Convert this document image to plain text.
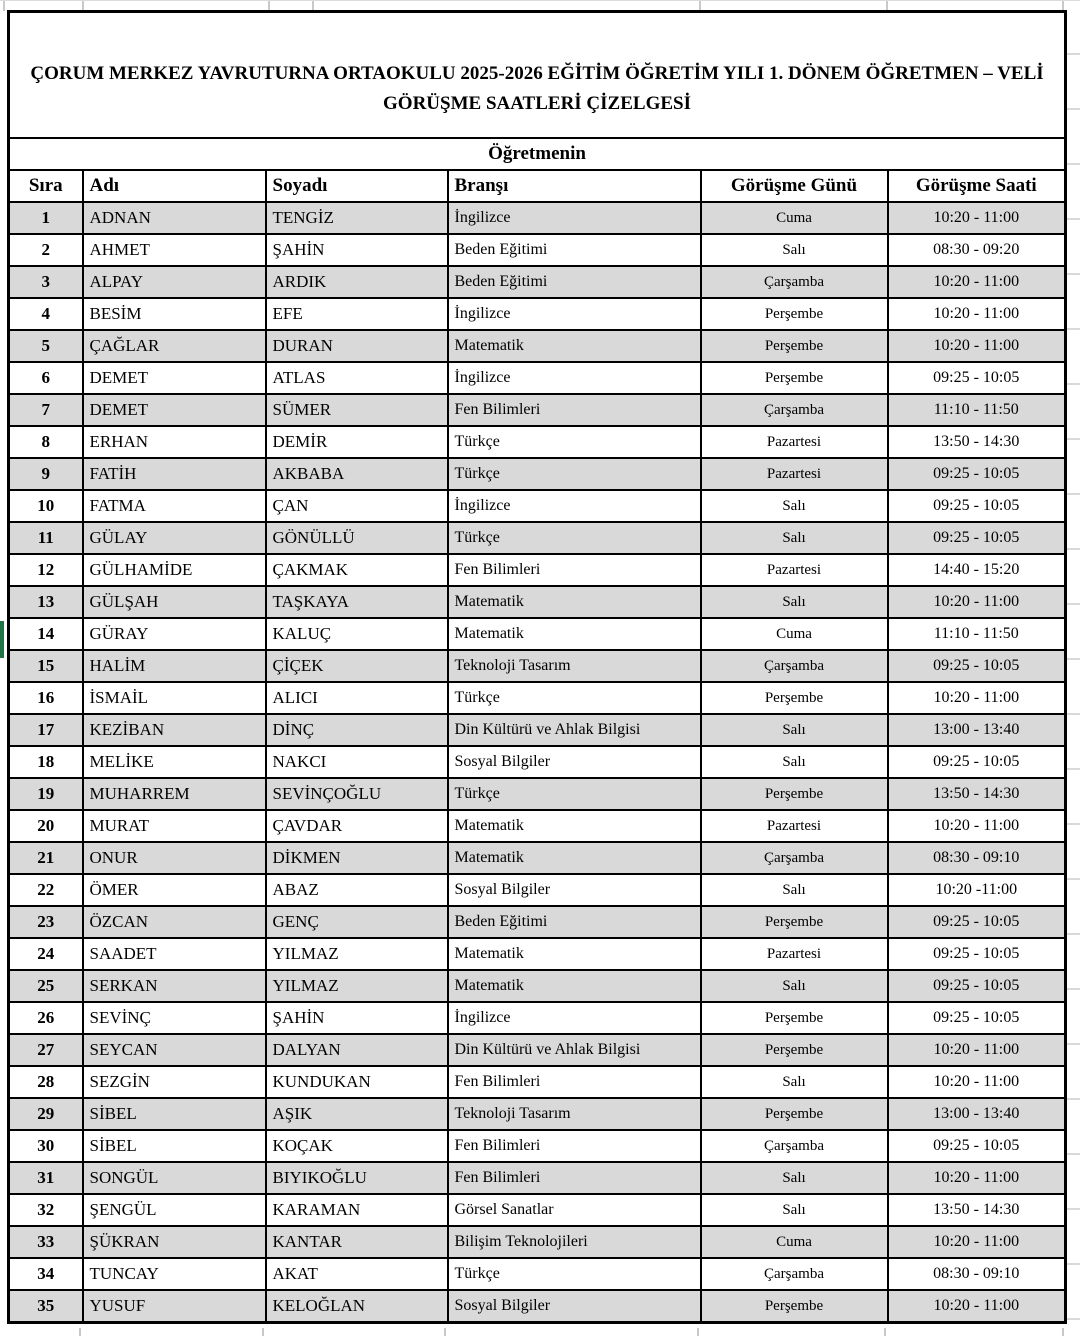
ÇORUM MERKEZ YAVRUTURNA ORTAOKULU 2025-2026 EĞİTİM ÖĞRETİM YILI 1. DÖNEM ÖĞRETMEN – VELİ
GÖRÜŞME SAATLERİ ÇİZELGESİ					

Öğretmenin					
Sıra	Adı	Soyadı	Branşı	Görüşme Günü	Görüşme Saati
1	ADNAN	TENGİZ	İngilizce	Cuma	10:20 - 11:00
2	AHMET	ŞAHİN	Beden Eğitimi	Salı	08:30 - 09:20
3	ALPAY	ARDIK	Beden Eğitimi	Çarşamba	10:20 - 11:00
4	BESİM	EFE	İngilizce	Perşembe	10:20 - 11:00
5	ÇAĞLAR	DURAN	Matematik	Perşembe	10:20 - 11:00
6	DEMET	ATLAS	İngilizce	Perşembe	09:25 - 10:05
7	DEMET	SÜMER	Fen Bilimleri	Çarşamba	11:10 - 11:50
8	ERHAN	DEMİR	Türkçe	Pazartesi	13:50 - 14:30
9	FATİH	AKBABA	Türkçe	Pazartesi	09:25 - 10:05
10	FATMA	ÇAN	İngilizce	Salı	09:25 - 10:05
11	GÜLAY	GÖNÜLLÜ	Türkçe	Salı	09:25 - 10:05
12	GÜLHAMİDE	ÇAKMAK	Fen Bilimleri	Pazartesi	14:40 - 15:20
13	GÜLŞAH	TAŞKAYA	Matematik	Salı	10:20 - 11:00
14	GÜRAY	KALUÇ	Matematik	Cuma	11:10 - 11:50
15	HALİM	ÇİÇEK	Teknoloji Tasarım	Çarşamba	09:25 - 10:05
16	İSMAİL	ALICI	Türkçe	Perşembe	10:20 - 11:00
17	KEZİBAN	DİNÇ	Din Kültürü ve Ahlak Bilgisi	Salı	13:00 - 13:40
18	MELİKE	NAKCI	Sosyal Bilgiler	Salı	09:25 - 10:05
19	MUHARREM	SEVİNÇOĞLU	Türkçe	Perşembe	13:50 - 14:30
20	MURAT	ÇAVDAR	Matematik	Pazartesi	10:20 - 11:00
21	ONUR	DİKMEN	Matematik	Çarşamba	08:30 - 09:10
22	ÖMER	ABAZ	Sosyal Bilgiler	Salı	10:20 -11:00
23	ÖZCAN	GENÇ	Beden Eğitimi	Perşembe	09:25 - 10:05
24	SAADET	YILMAZ	Matematik	Pazartesi	09:25 - 10:05
25	SERKAN	YILMAZ	Matematik	Salı	09:25 - 10:05
26	SEVİNÇ	ŞAHİN	İngilizce	Perşembe	09:25 - 10:05
27	SEYCAN	DALYAN	Din Kültürü ve Ahlak Bilgisi	Perşembe	10:20 - 11:00
28	SEZGİN	KUNDUKAN	Fen Bilimleri	Salı	10:20 - 11:00
29	SİBEL	AŞIK	Teknoloji Tasarım	Perşembe	13:00 - 13:40
30	SİBEL	KOÇAK	Fen Bilimleri	Çarşamba	09:25 - 10:05
31	SONGÜL	BIYIKOĞLU	Fen Bilimleri	Salı	10:20 - 11:00
32	ŞENGÜL	KARAMAN	Görsel Sanatlar	Salı	13:50 - 14:30
33	ŞÜKRAN	KANTAR	Bilişim Teknolojileri	Cuma	10:20 - 11:00
34	TUNCAY	AKAT	Türkçe	Çarşamba	08:30 - 09:10
35	YUSUF	KELOĞLAN	Sosyal Bilgiler	Perşembe	10:20 - 11:00
